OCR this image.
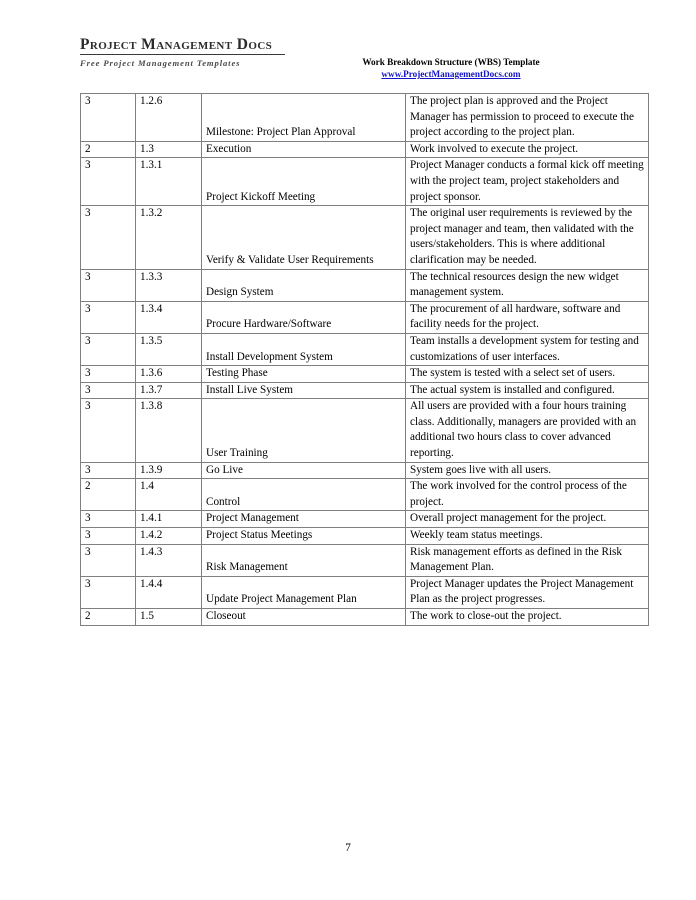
Project Management Docs
Free Project Management Templates	Work Breakdown Structure (WBS) Template
www.ProjectManagementDocs.com
3	1.2.6	Milestone: Project Plan Approval	The project plan is approved and the Project Manager has permission to proceed to execute the project according to the project plan.
2	1.3	Execution	Work involved to execute the project.
3	1.3.1	Project Kickoff Meeting	Project Manager conducts a formal kick off meeting with the project team, project stakeholders and project sponsor.
3	1.3.2	Verify & Validate User Requirements	The original user requirements is reviewed by the project manager and team, then validated with the users/stakeholders. This is where additional clarification may be needed.
3	1.3.3	Design System	The technical resources design the new widget management system.
3	1.3.4	Procure Hardware/Software	The procurement of all hardware, software and facility needs for the project.
3	1.3.5	Install Development System	Team installs a development system for testing and customizations of user interfaces.
3	1.3.6	Testing Phase	The system is tested with a select set of users.
3	1.3.7	Install Live System	The actual system is installed and configured.
3	1.3.8	User Training	All users are provided with a four hours training class. Additionally, managers are provided with an additional two hours class to cover advanced reporting.
3	1.3.9	Go Live	System goes live with all users.
2	1.4	Control	The work involved for the control process of the project.
3	1.4.1	Project Management	Overall project management for the project.
3	1.4.2	Project Status Meetings	Weekly team status meetings.
3	1.4.3	Risk Management	Risk management efforts as defined in the Risk Management Plan.
3	1.4.4	Update Project Management Plan	Project Manager updates the Project Management Plan as the project progresses.
2	1.5	Closeout	The work to close-out the project.
7
